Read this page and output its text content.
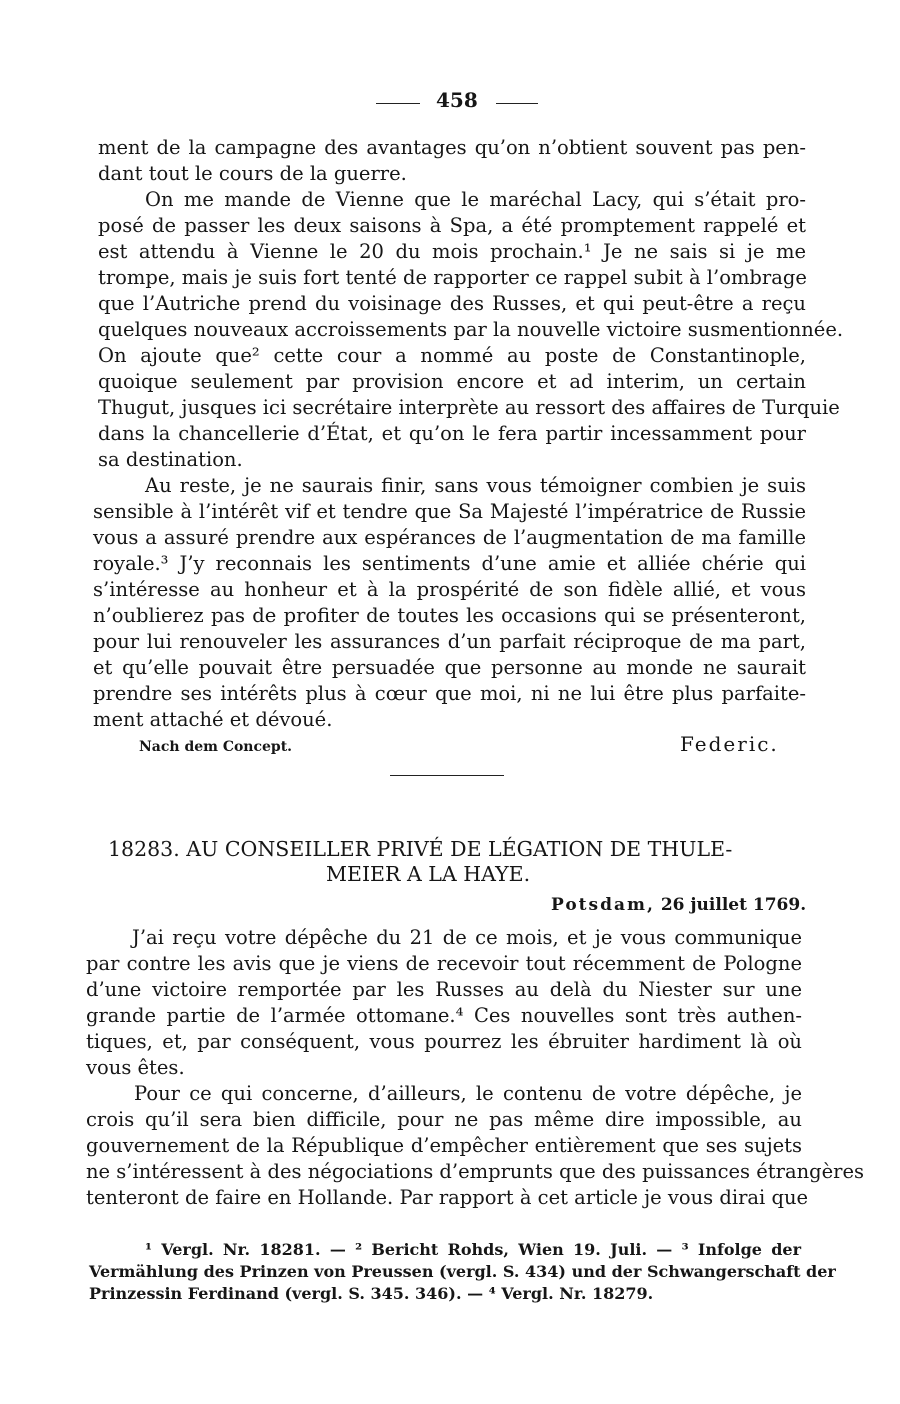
458
ment de la campagne des avantages qu’on n’obtient souvent pas pen-
dant tout le cours de la guerre.
On me mande de Vienne que le maréchal Lacy, qui s’était pro-
posé de passer les deux saisons à Spa, a été promptement rappelé et
est attendu à Vienne le 20 du mois prochain.¹ Je ne sais si je me
trompe, mais je suis fort tenté de rapporter ce rappel subit à l’ombrage
que l’Autriche prend du voisinage des Russes, et qui peut-être a reçu
quelques nouveaux accroissements par la nouvelle victoire susmentionnée.
On ajoute que² cette cour a nommé au poste de Constantinople,
quoique seulement par provision encore et ad interim, un certain
Thugut, jusques ici secrétaire interprète au ressort des affaires de Turquie
dans la chancellerie d’État, et qu’on le fera partir incessamment pour
sa destination.
Au reste, je ne saurais finir, sans vous témoigner combien je suis
sensible à l’intérêt vif et tendre que Sa Majesté l’impératrice de Russie
vous a assuré prendre aux espérances de l’augmentation de ma famille
royale.³ J’y reconnais les sentiments d’une amie et alliée chérie qui
s’intéresse au honheur et à la prospérité de son fidèle allié, et vous
n’oublierez pas de profiter de toutes les occasions qui se présenteront,
pour lui renouveler les assurances d’un parfait réciproque de ma part,
et qu’elle pouvait être persuadée que personne au monde ne saurait
prendre ses intérêts plus à cœur que moi, ni ne lui être plus parfaite-
ment attaché et dévoué.
Nach dem Concept.	Federic.
18283. AU CONSEILLER PRIVÉ DE LÉGATION DE THULE-
MEIER A LA HAYE.
Potsdam, 26 juillet 1769.
J’ai reçu votre dépêche du 21 de ce mois, et je vous communique
par contre les avis que je viens de recevoir tout récemment de Pologne
d’une victoire remportée par les Russes au delà du Niester sur une
grande partie de l’armée ottomane.⁴ Ces nouvelles sont très authen-
tiques, et, par conséquent, vous pourrez les ébruiter hardiment là où
vous êtes.
Pour ce qui concerne, d’ailleurs, le contenu de votre dépêche, je
crois qu’il sera bien difficile, pour ne pas même dire impossible, au
gouvernement de la République d’empêcher entièrement que ses sujets
ne s’intéressent à des négociations d’emprunts que des puissances étrangères
tenteront de faire en Hollande. Par rapport à cet article je vous dirai que
¹ Vergl. Nr. 18281. — ² Bericht Rohds, Wien 19. Juli. — ³ Infolge der
Vermählung des Prinzen von Preussen (vergl. S. 434) und der Schwangerschaft der
Prinzessin Ferdinand (vergl. S. 345. 346). — ⁴ Vergl. Nr. 18279.
